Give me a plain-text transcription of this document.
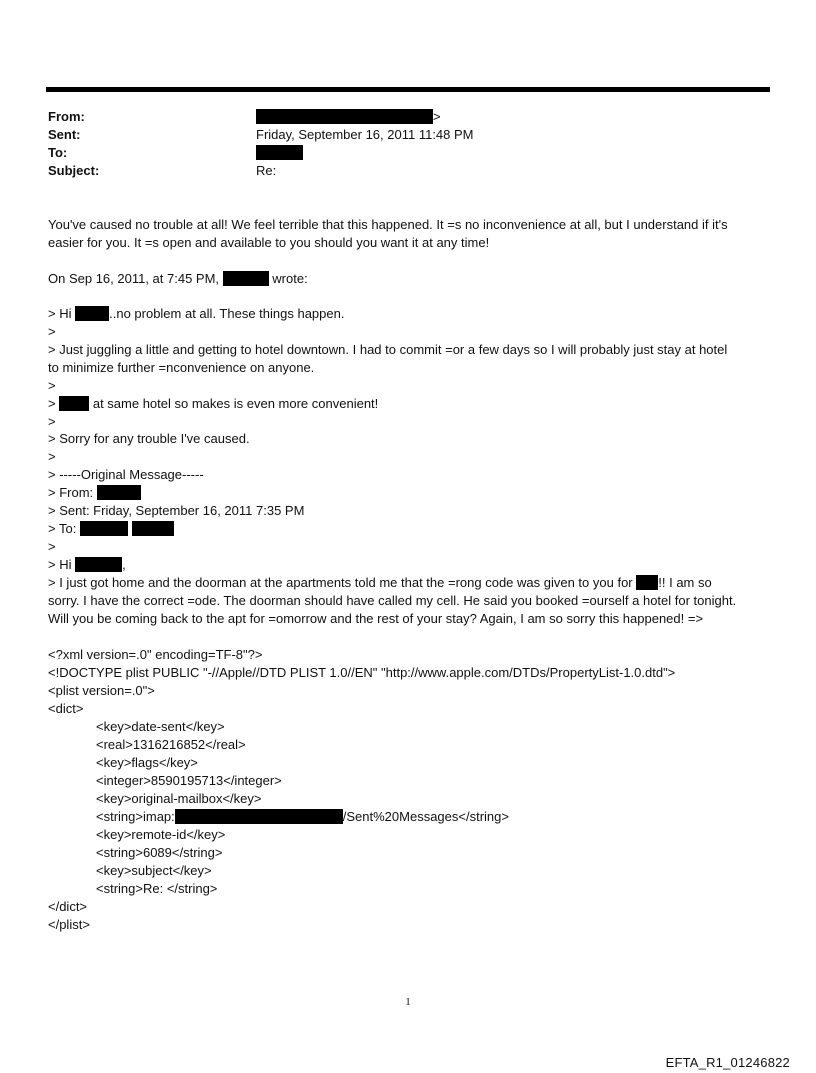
From:	>
Sent:	Friday, September 16, 2011 11:48 PM
To:
Subject:	Re:
You've caused no trouble at all! We feel terrible that this happened. It =s no inconvenience at all, but I understand if it's
easier for you. It =s open and available to you should you want it at any time!
On Sep 16, 2011, at 7:45 PM,	wrote:
> Hi	..no problem at all. These things happen.
>
> Just juggling a little and getting to hotel downtown. I had to commit =or a few days so I will probably just stay at hotel
to minimize further =nconvenience on anyone.
>
>	at same hotel so makes is even more convenient!
>
> Sorry for any trouble I've caused.
>
> -----Original Message-----
> From:
> Sent: Friday, September 16, 2011 7:35 PM
> To:
>
> Hi	,
> I just got home and the doorman at the apartments told me that the =rong code was given to you for !! I am so
sorry. I have the correct =ode. The doorman should have called my cell. He said you booked =ourself a hotel for tonight.
Will you be coming back to the apt for =omorrow and the rest of your stay? Again, I am so sorry this happened! =>
<?xml version=.0" encoding=TF-8"?>
<!DOCTYPE plist PUBLIC "-//Apple//DTD PLIST 1.0//EN" "http://www.apple.com/DTDs/PropertyList-1.0.dtd">
<plist version=.0">
<dict>
<key>date-sent</key>
<real>1316216852</real>
<key>flags</key>
<integer>8590195713</integer>
<key>original-mailbox</key>
<string>imap:	/Sent%20Messages</string>
<key>remote-id</key>
<string>6089</string>
<key>subject</key>
<string>Re: </string>
</dict>
</plist>
1
EFTA_R1_01246822
